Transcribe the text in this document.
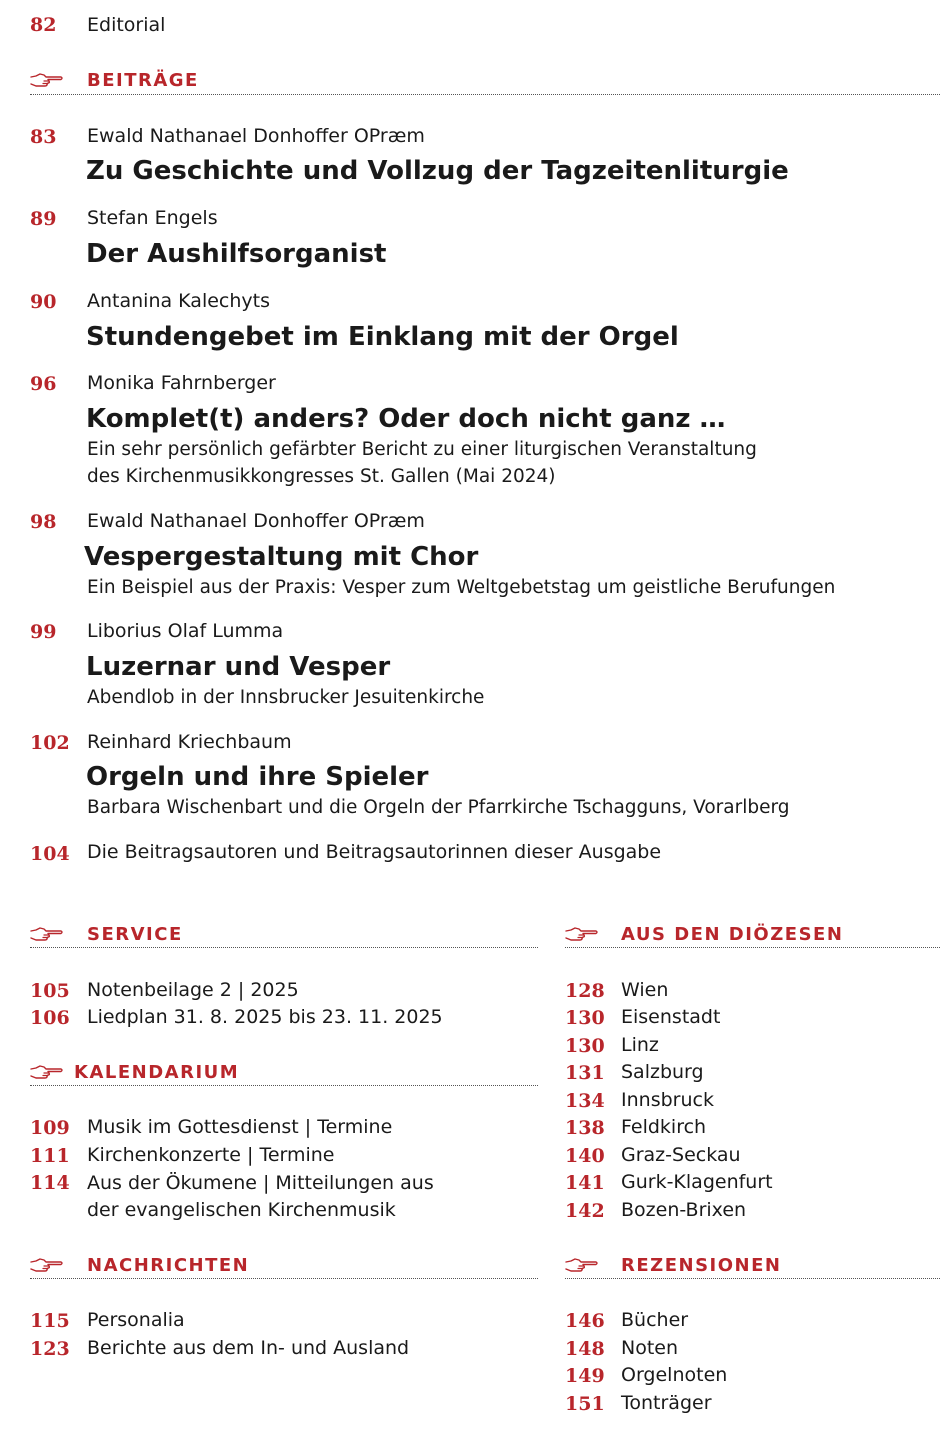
82 Editorial
BEITRÄGE
83 Ewald Nathanael Donhoffer OPræm
Zu Geschichte und Vollzug der Tagzeitenliturgie
89 Stefan Engels
Der Aushilfsorganist
90 Antanina Kalechyts
Stundengebet im Einklang mit der Orgel
96 Monika Fahrnberger
Komplet(t) anders? Oder doch nicht ganz …
Ein sehr persönlich gefärbter Bericht zu einer liturgischen Veranstaltung des Kirchenmusikkongresses St. Gallen (Mai 2024)
98 Ewald Nathanael Donhoffer OPræm
Vespergestaltung mit Chor
Ein Beispiel aus der Praxis: Vesper zum Weltgebetstag um geistliche Berufungen
99 Liborius Olaf Lumma
Luzernar und Vesper
Abendlob in der Innsbrucker Jesuitenkirche
102 Reinhard Kriechbaum
Orgeln und ihre Spieler
Barbara Wischenbart und die Orgeln der Pfarrkirche Tschagguns, Vorarlberg
104 Die Beitragsautoren und Beitragsautorinnen dieser Ausgabe
SERVICE
105 Notenbeilage 2 | 2025
106 Liedplan 31. 8. 2025 bis 23. 11. 2025
KALENDARIUM
109 Musik im Gottesdienst | Termine
111 Kirchenkonzerte | Termine
114 Aus der Ökumene | Mitteilungen aus der evangelischen Kirchenmusik
NACHRICHTEN
115 Personalia
123 Berichte aus dem In- und Ausland
AUS DEN DIÖZESEN
128 Wien
130 Eisenstadt
130 Linz
131 Salzburg
134 Innsbruck
138 Feldkirch
140 Graz-Seckau
141 Gurk-Klagenfurt
142 Bozen-Brixen
REZENSIONEN
146 Bücher
148 Noten
149 Orgelnoten
151 Tonträger
